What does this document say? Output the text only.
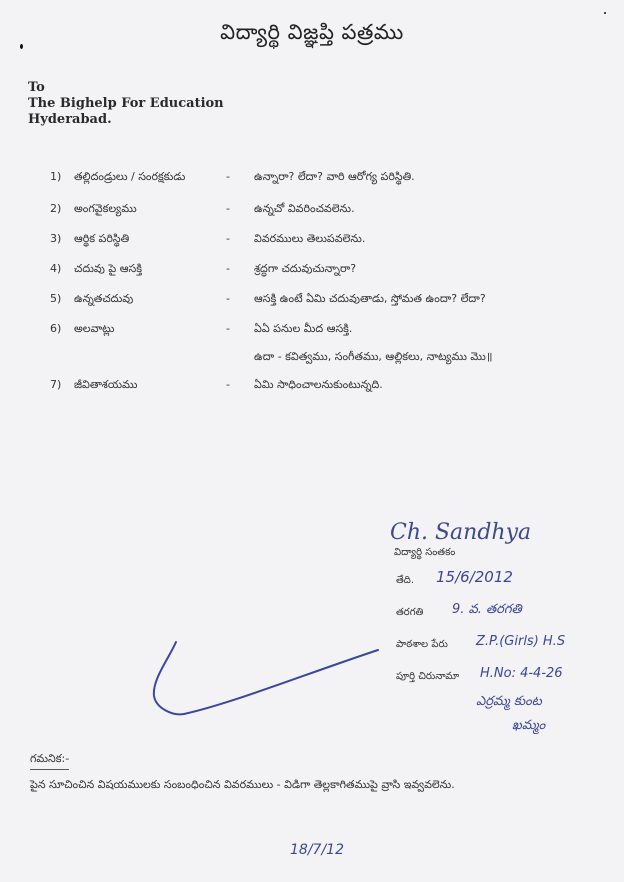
విద్యార్థి విజ్ఞప్తి పత్రము
To
The Bighelp For Education
Hyderabad.
1)	తల్లిదండ్రులు / సంరక్షకుడు	- ఉన్నారా? లేదా? వారి ఆరోగ్య పరిస్థితి.
2)	అంగవైకల్యము	- ఉన్నచో వివరించవలెను.
3)	ఆర్థిక పరిస్థితి	- వివరములు తెలుపవలెను.
4)	చదువు పై ఆసక్తి	- శ్రద్ధగా చదువుచున్నారా?
5)	ఉన్నతచదువు	- ఆసక్తి ఉంటే ఏమి చదువుతాడు, స్తోమత ఉందా? లేదా?
6)	అలవాట్లు	- ఏఏ పనుల మీద ఆసక్తి.
ఉదా - కవిత్వము, సంగీతము, ఆల్లికలు, నాట్యము మొ॥
7)	జీవితాశయము	- ఏమి సాధించాలనుకుంటున్నది.
Ch. Sandhya
విద్యార్థి సంతకం
తేది. 15/6/2012
తరగతి 9. వ. తరగతి
పాఠశాల పేరు Z.P.(Girls) H.S
పూర్తి చిరునామా H.No: 4-4-26
ఎర్రమ్మ కుంట
ఖమ్మం
గమనిక:-
పైన సూచించిన విషయములకు సంబంధించిన వివరములు - విడిగా తెల్లకాగితముపై వ్రాసి ఇవ్వవలెను.
18/7/12
